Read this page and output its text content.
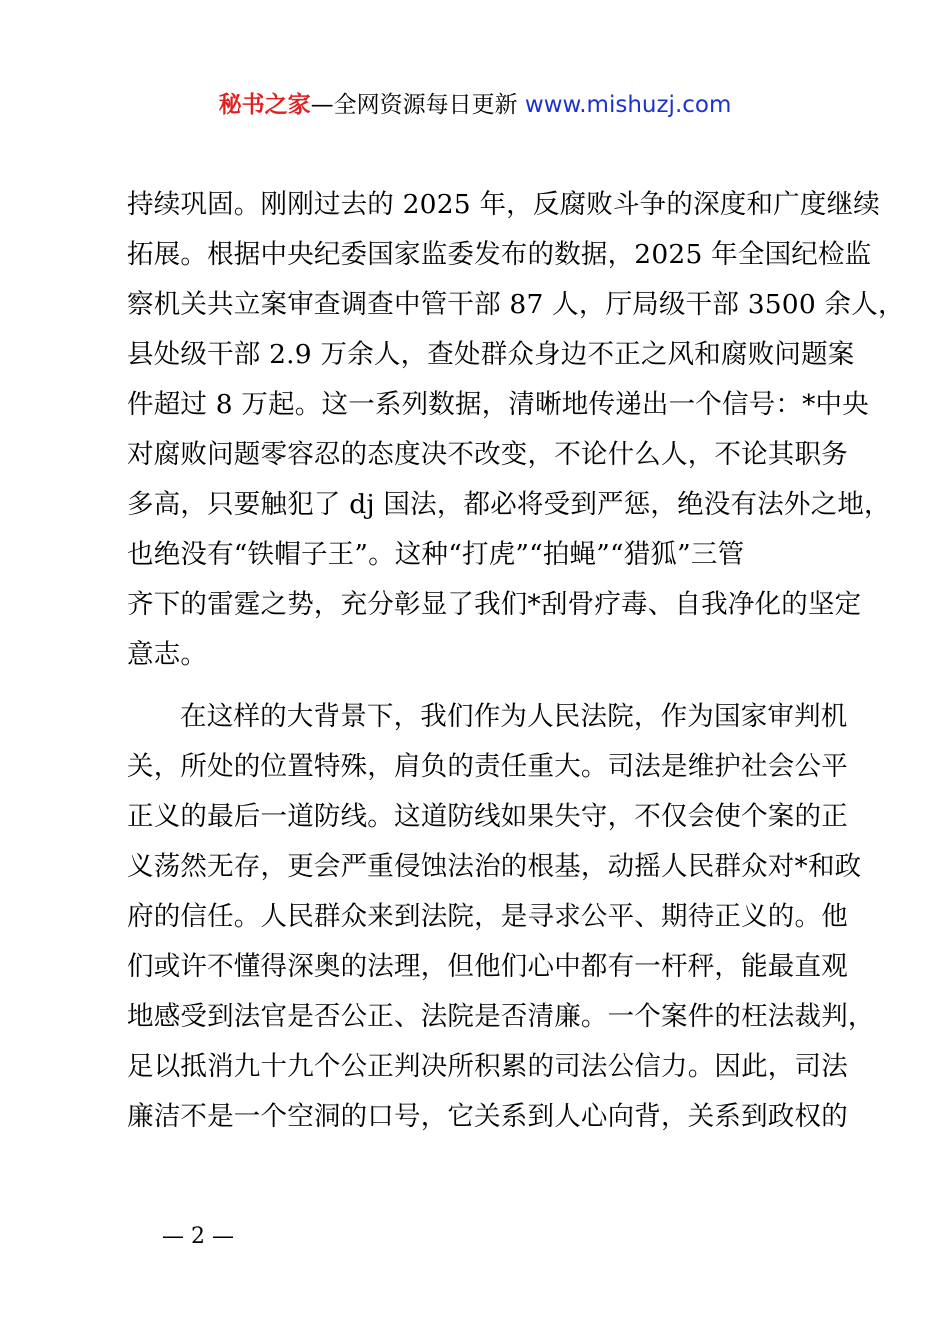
秘书之家—全网资源每日更新 www.mishuzj.com
持续巩固。刚刚过去的 2025 年，反腐败斗争的深度和广度继续
拓展。根据中央纪委国家监委发布的数据，2025 年全国纪检监
察机关共立案审查调查中管干部 87 人，厅局级干部 3500 余人，
县处级干部 2.9 万余人，查处群众身边不正之风和腐败问题案
件超过 8 万起。这一系列数据，清晰地传递出一个信号：*中央
对腐败问题零容忍的态度决不改变，不论什么人，不论其职务
多高，只要触犯了 dj 国法，都必将受到严惩，绝没有法外之地，
也绝没有“铁帽子王”。这种“打虎”“拍蝇”“猎狐”三管
齐下的雷霆之势，充分彰显了我们*刮骨疗毒、自我净化的坚定
意志。
在这样的大背景下，我们作为人民法院，作为国家审判机
关，所处的位置特殊，肩负的责任重大。司法是维护社会公平
正义的最后一道防线。这道防线如果失守，不仅会使个案的正
义荡然无存，更会严重侵蚀法治的根基，动摇人民群众对*和政
府的信任。人民群众来到法院，是寻求公平、期待正义的。他
们或许不懂得深奥的法理，但他们心中都有一杆秤，能最直观
地感受到法官是否公正、法院是否清廉。一个案件的枉法裁判，
足以抵消九十九个公正判决所积累的司法公信力。因此，司法
廉洁不是一个空洞的口号，它关系到人心向背，关系到政权的
— 2 —
